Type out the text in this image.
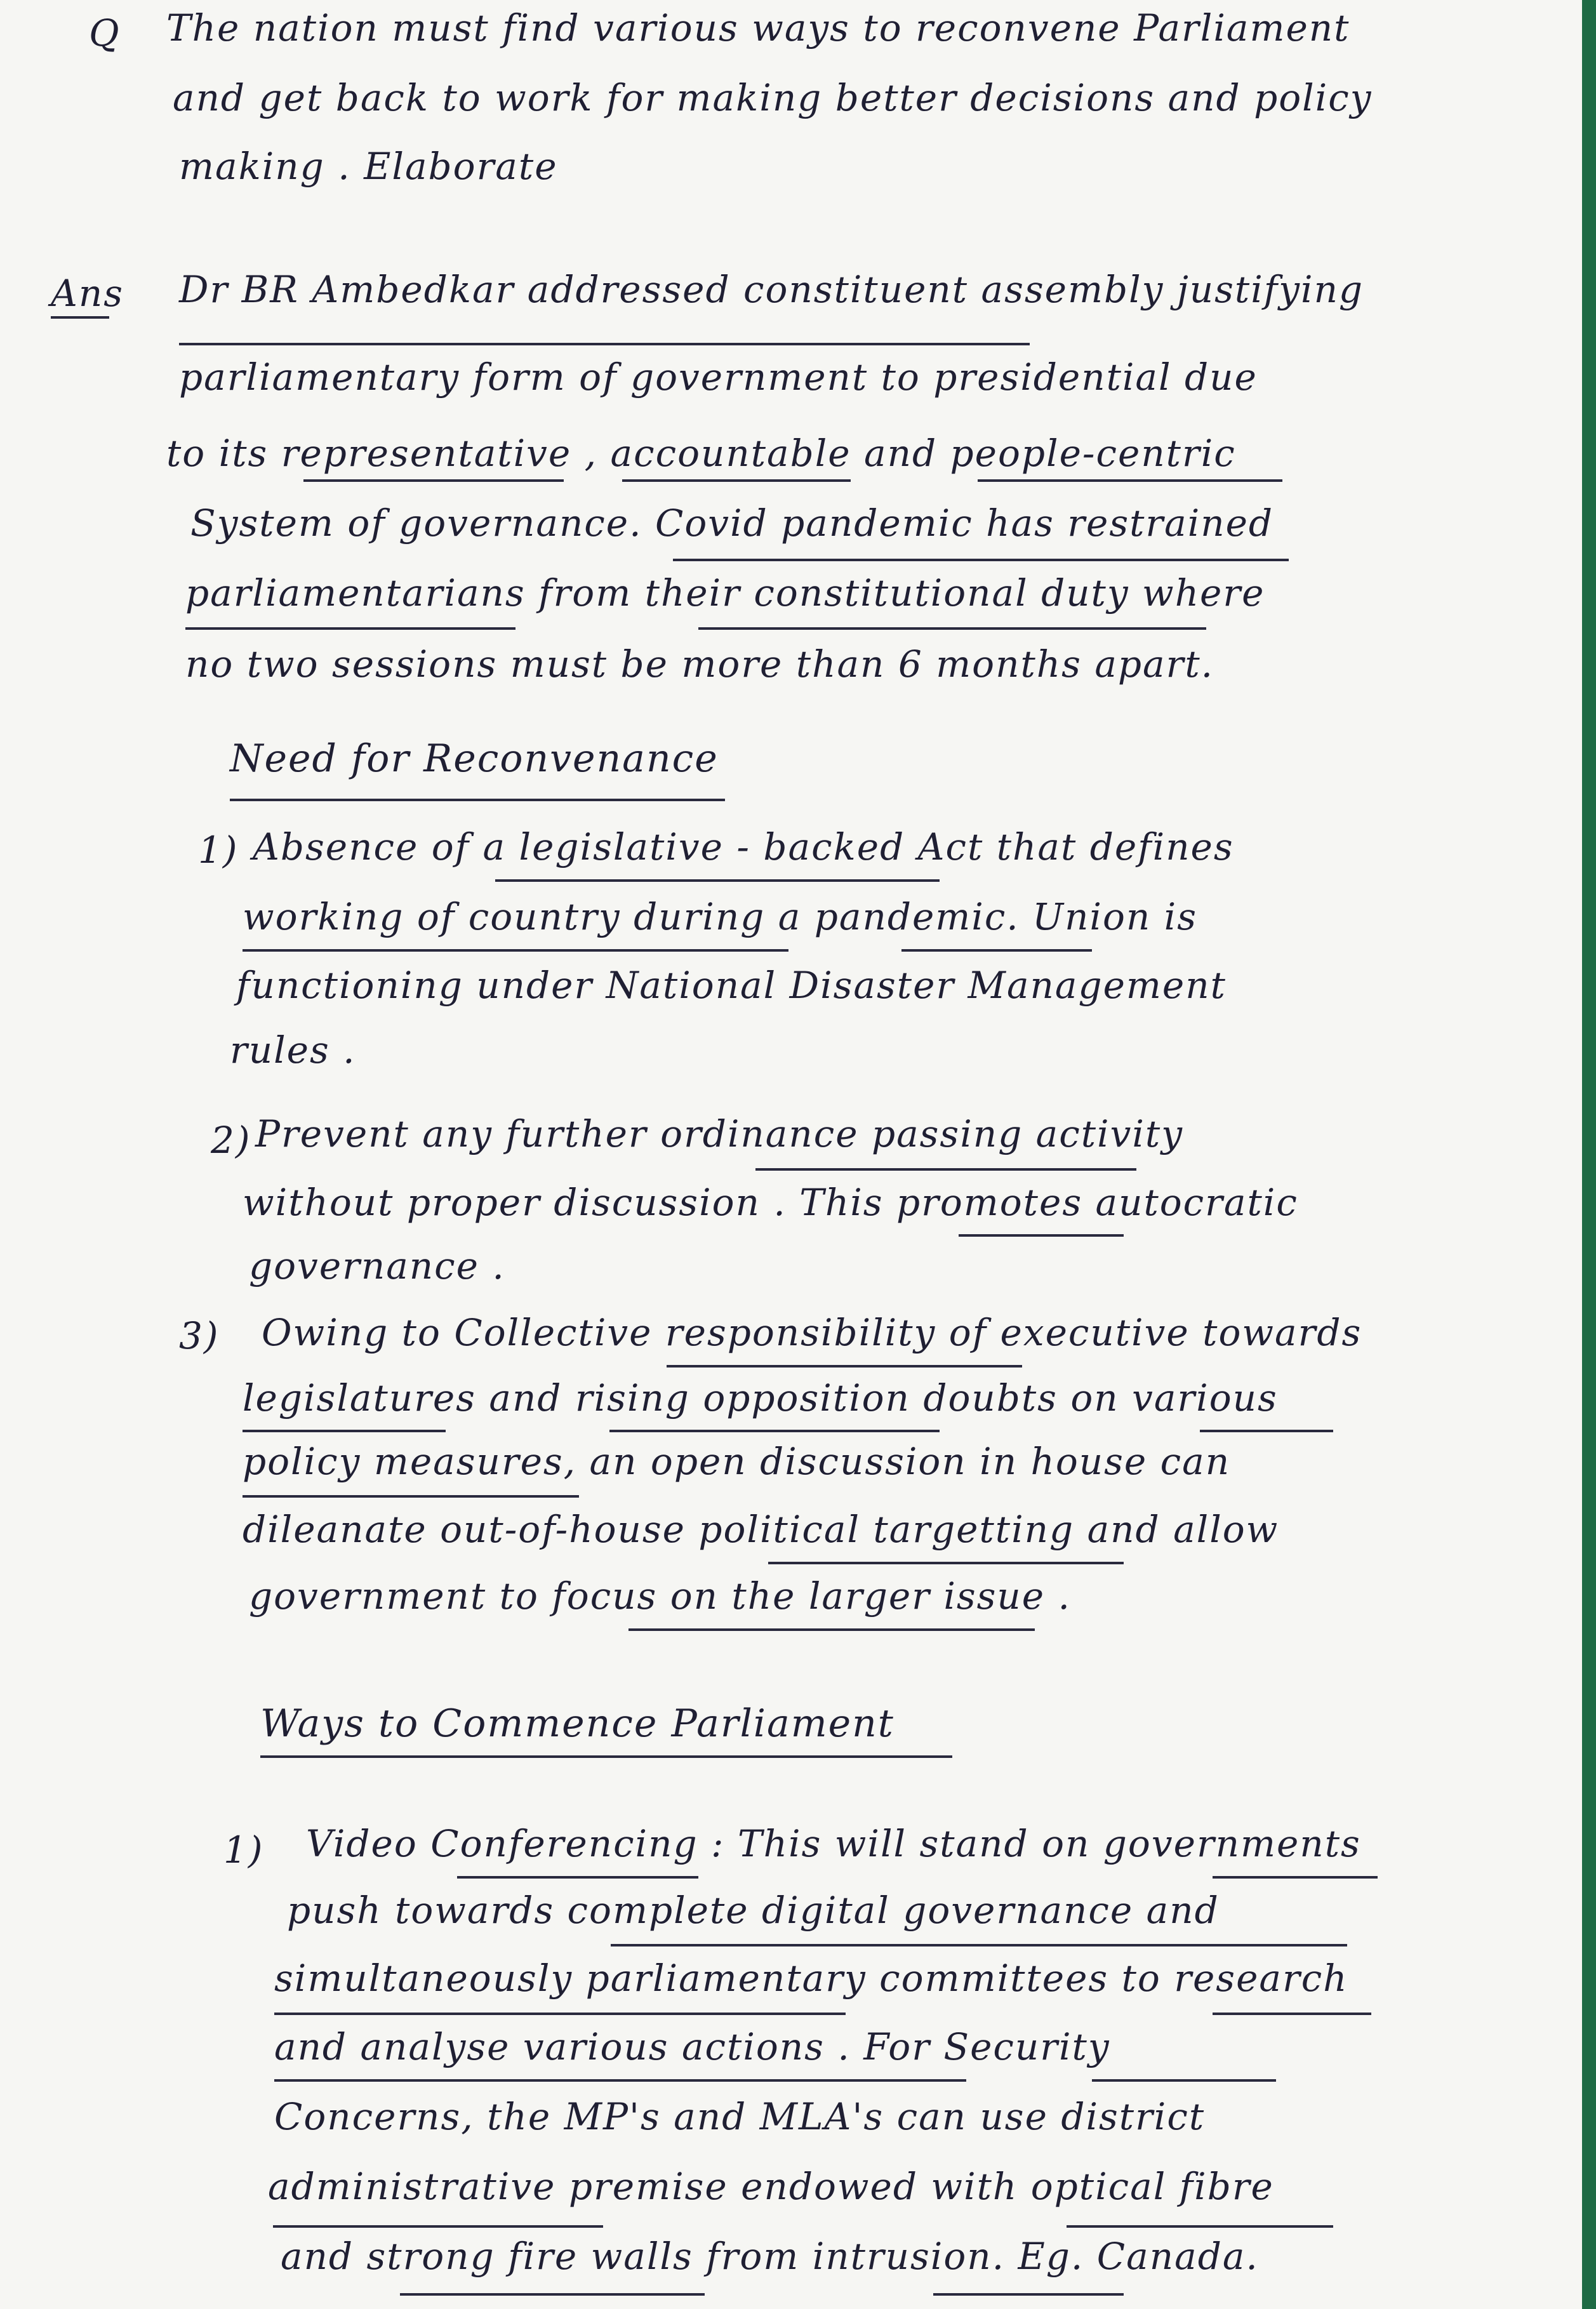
Q The nation must find various ways to reconvene Parliament
and get back to work for making better decisions and policy
making . Elaborate
Ans Dr BR Ambedkar addressed constituent assembly justifying
parliamentary form of government to presidential due
to its representative , accountable and people-centric
System of governance. Covid pandemic has restrained
parliamentarians from their constitutional duty where
no two sessions must be more than 6 months apart.
Need for Reconvenance
1) Absence of a legislative - backed Act that defines
working of country during a pandemic. Union is
functioning under National Disaster Management
rules .
2) Prevent any further ordinance passing activity
without proper discussion . This promotes autocratic
governance .
3) Owing to Collective responsibility of executive towards
legislatures and rising opposition doubts on various
policy measures, an open discussion in house can
dileanate out-of-house political targetting and allow
government to focus on the larger issue .
Ways to Commence Parliament
1) Video Conferencing : This will stand on governments
push towards complete digital governance and
simultaneously parliamentary committees to research
and analyse various actions . For Security
Concerns, the MP's and MLA's can use district
administrative premise endowed with optical fibre
and strong fire walls from intrusion. Eg. Canada.
